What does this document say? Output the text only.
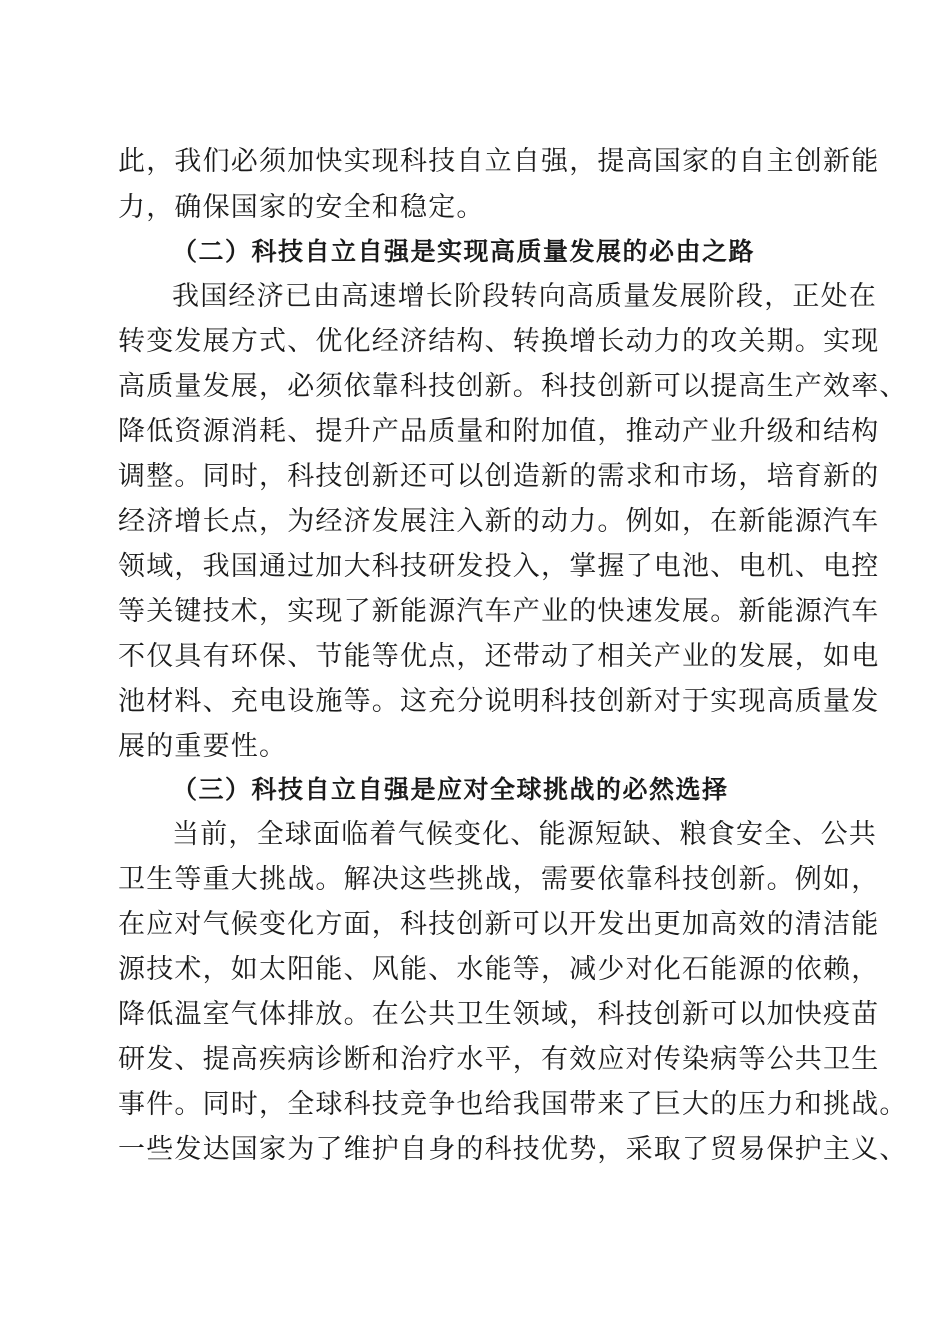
此，我们必须加快实现科技自立自强，提高国家的自主创新能
力，确保国家的安全和稳定。
（二）科技自立自强是实现高质量发展的必由之路
我国经济已由高速增长阶段转向高质量发展阶段，正处在
转变发展方式、优化经济结构、转换增长动力的攻关期。实现
高质量发展，必须依靠科技创新。科技创新可以提高生产效率、
降低资源消耗、提升产品质量和附加值，推动产业升级和结构
调整。同时，科技创新还可以创造新的需求和市场，培育新的
经济增长点，为经济发展注入新的动力。例如，在新能源汽车
领域，我国通过加大科技研发投入，掌握了电池、电机、电控
等关键技术，实现了新能源汽车产业的快速发展。新能源汽车
不仅具有环保、节能等优点，还带动了相关产业的发展，如电
池材料、充电设施等。这充分说明科技创新对于实现高质量发
展的重要性。
（三）科技自立自强是应对全球挑战的必然选择
当前，全球面临着气候变化、能源短缺、粮食安全、公共
卫生等重大挑战。解决这些挑战，需要依靠科技创新。例如，
在应对气候变化方面，科技创新可以开发出更加高效的清洁能
源技术，如太阳能、风能、水能等，减少对化石能源的依赖，
降低温室气体排放。在公共卫生领域，科技创新可以加快疫苗
研发、提高疾病诊断和治疗水平，有效应对传染病等公共卫生
事件。同时，全球科技竞争也给我国带来了巨大的压力和挑战。
一些发达国家为了维护自身的科技优势，采取了贸易保护主义、
